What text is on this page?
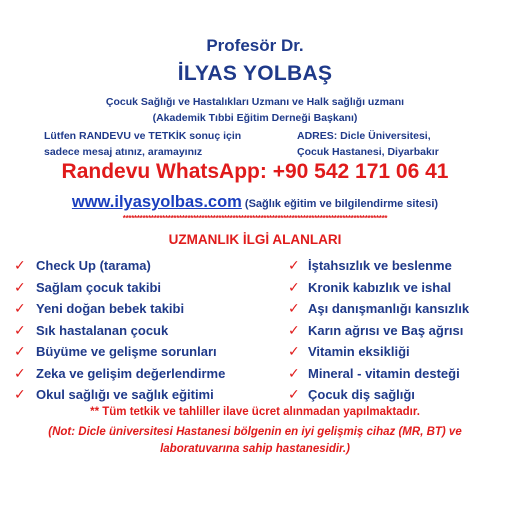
Profesör Dr.
İLYAS YOLBAŞ
Çocuk Sağlığı ve Hastalıkları Uzmanı ve Halk sağlığı uzmanı
(Akademik Tıbbi Eğitim Derneği Başkanı)
Lütfen RANDEVU ve TETKİK sonuç için
sadece mesaj atınız, aramayınız
ADRES: Dicle Üniversitesi,
Çocuk Hastanesi, Diyarbakır
Randevu WhatsApp: +90 542 171 06 41
www.ilyasyolbas.com (Sağlık eğitim ve bilgilendirme sitesi)
**********************************************************************************************
UZMANLIK İLGİ ALANLARI
✓ Check Up (tarama)
✓ Sağlam çocuk takibi
✓ Yeni doğan bebek takibi
✓ Sık hastalanan çocuk
✓ Büyüme ve gelişme sorunları
✓ Zeka ve gelişim değerlendirme
✓ Okul sağlığı ve sağlık eğitimi
✓ İştahsızlık ve beslenme
✓ Kronik kabızlık ve ishal
✓ Aşı danışmanlığı kansızlık
✓ Karın ağrısı ve Baş ağrısı
✓ Vitamin eksikliği
✓ Mineral - vitamin desteği
✓ Çocuk diş sağlığı
** Tüm tetkik ve tahliller ilave ücret alınmadan yapılmaktadır.
(Not: Dicle üniversitesi Hastanesi bölgenin en iyi gelişmiş cihaz (MR, BT) ve
laboratuvarına sahip hastanesidir.)
